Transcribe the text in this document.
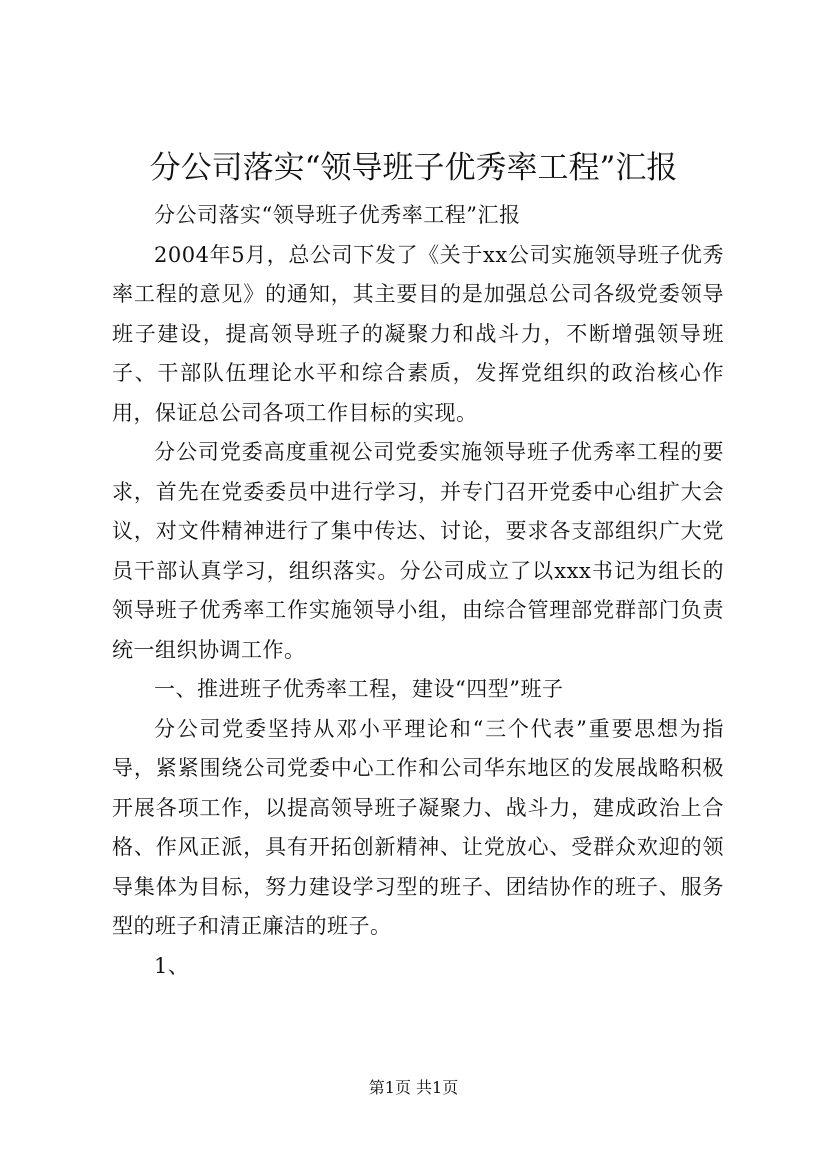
分公司落实“领导班子优秀率工程”汇报

分公司落实“领导班子优秀率工程”汇报

2004年5月，总公司下发了《关于xx公司实施领导班子优秀率工程的意见》的通知，其主要目的是加强总公司各级党委领导班子建设，提高领导班子的凝聚力和战斗力，不断增强领导班子、干部队伍理论水平和综合素质，发挥党组织的政治核心作用，保证总公司各项工作目标的实现。

分公司党委高度重视公司党委实施领导班子优秀率工程的要求，首先在党委委员中进行学习，并专门召开党委中心组扩大会议，对文件精神进行了集中传达、讨论，要求各支部组织广大党员干部认真学习，组织落实。分公司成立了以xxx书记为组长的领导班子优秀率工作实施领导小组，由综合管理部党群部门负责统一组织协调工作。

一、推进班子优秀率工程，建设“四型”班子

分公司党委坚持从邓小平理论和“三个代表”重要思想为指导，紧紧围绕公司党委中心工作和公司华东地区的发展战略积极开展各项工作，以提高领导班子凝聚力、战斗力，建成政治上合格、作风正派，具有开拓创新精神、让党放心、受群众欢迎的领导集体为目标，努力建设学习型的班子、团结协作的班子、服务型的班子和清正廉洁的班子。

1、

第1页 共1页
